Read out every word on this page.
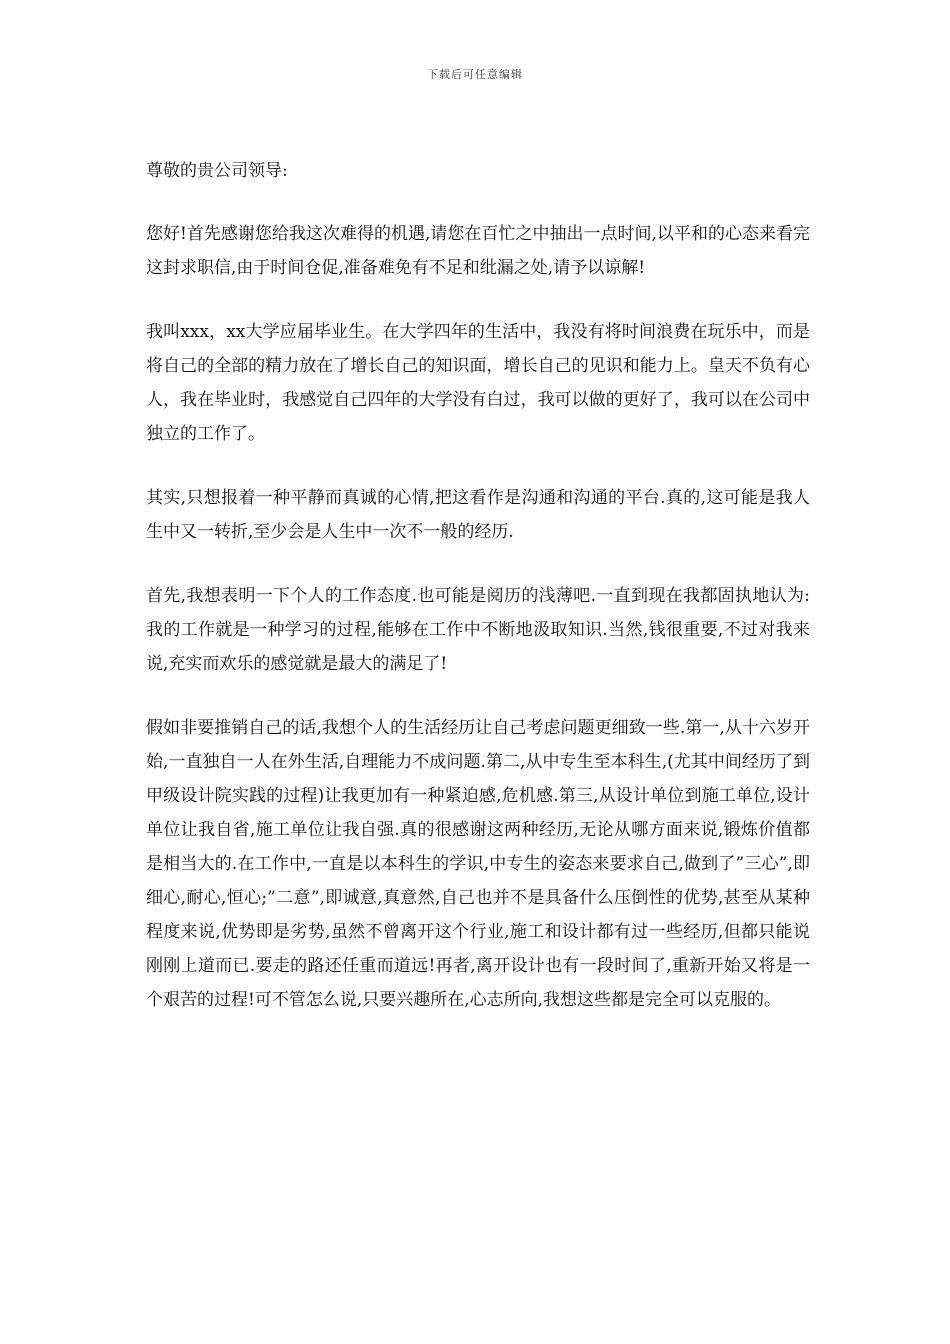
下载后可任意编辑

尊敬的贵公司领导:

您好!首先感谢您给我这次难得的机遇,请您在百忙之中抽出一点时间,以平和的心态来看完这封求职信,由于时间仓促,准备难免有不足和纰漏之处,请予以谅解!

我叫xxx，xx大学应届毕业生。在大学四年的生活中，我没有将时间浪费在玩乐中，而是将自己的全部的精力放在了增长自己的知识面，增长自己的见识和能力上。皇天不负有心人，我在毕业时，我感觉自己四年的大学没有白过，我可以做的更好了，我可以在公司中独立的工作了。

其实,只想报着一种平静而真诚的心情,把这看作是沟通和沟通的平台.真的,这可能是我人生中又一转折,至少会是人生中一次不一般的经历.

首先,我想表明一下个人的工作态度.也可能是阅历的浅薄吧.一直到现在我都固执地认为:我的工作就是一种学习的过程,能够在工作中不断地汲取知识.当然,钱很重要,不过对我来说,充实而欢乐的感觉就是最大的满足了!

假如非要推销自己的话,我想个人的生活经历让自己考虑问题更细致一些.第一,从十六岁开始,一直独自一人在外生活,自理能力不成问题.第二,从中专生至本科生,(尤其中间经历了到甲级设计院实践的过程)让我更加有一种紧迫感,危机感.第三,从设计单位到施工单位,设计单位让我自省,施工单位让我自强.真的很感谢这两种经历,无论从哪方面来说,锻炼价值都是相当大的.在工作中,一直是以本科生的学识,中专生的姿态来要求自己,做到了”三心”,即细心,耐心,恒心;”二意”,即诚意,真意然,自己也并不是具备什么压倒性的优势,甚至从某种程度来说,优势即是劣势,虽然不曾离开这个行业,施工和设计都有过一些经历,但都只能说刚刚上道而已.要走的路还任重而道远!再者,离开设计也有一段时间了,重新开始又将是一个艰苦的过程!可不管怎么说,只要兴趣所在,心志所向,我想这些都是完全可以克服的。
